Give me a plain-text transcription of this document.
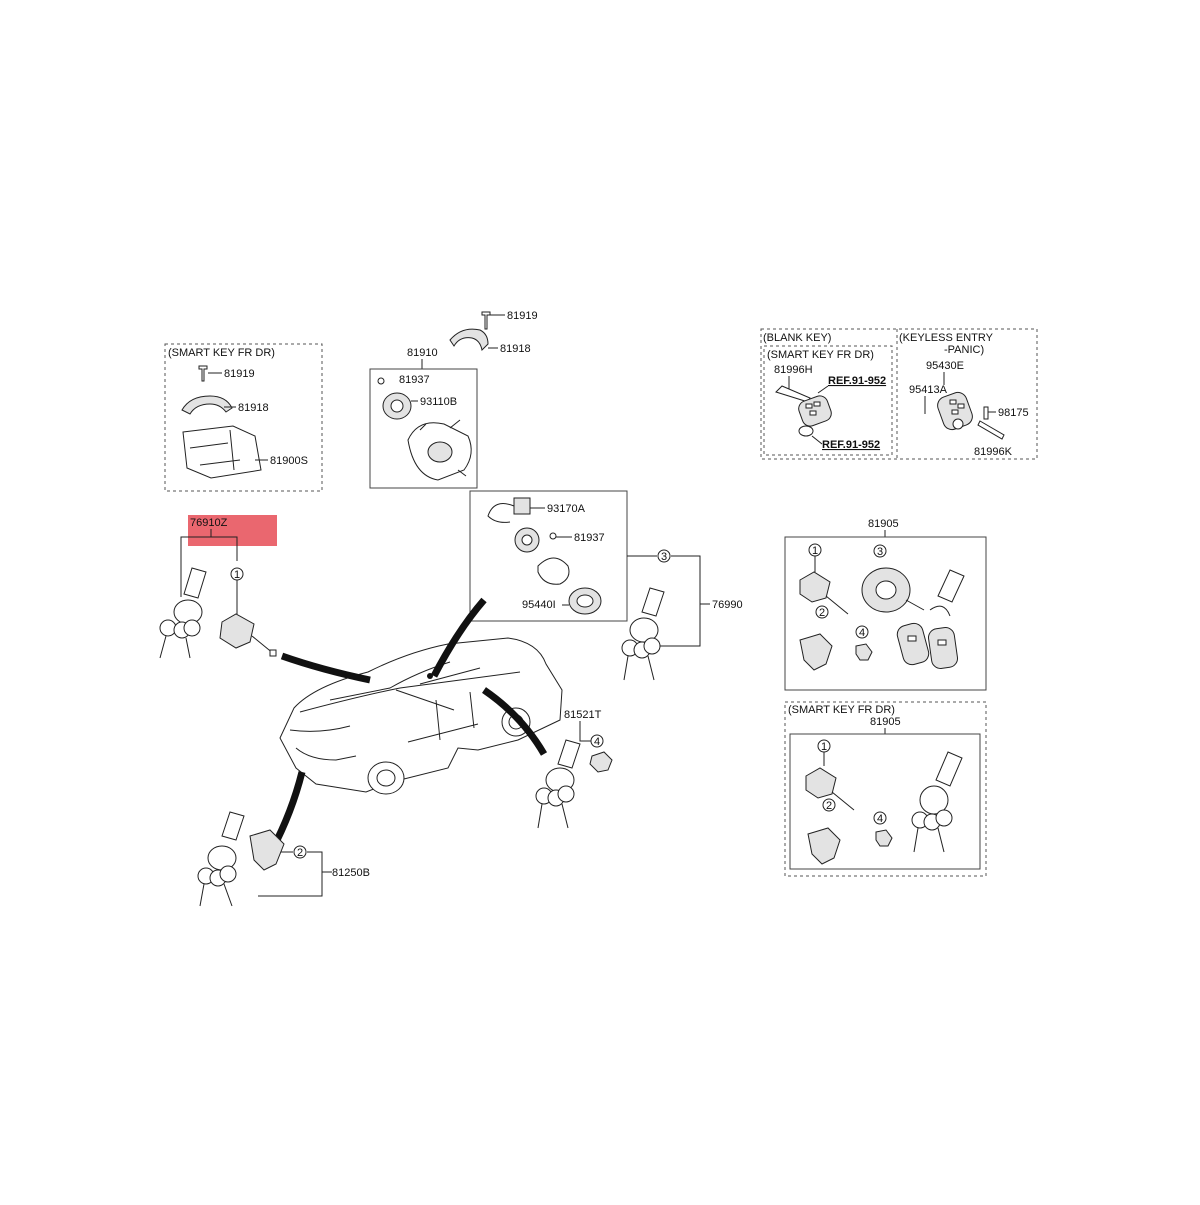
(SMART KEY FR DR)
81919
81918
81900S
81910
81919
81918
81937
93110B
(BLANK KEY)
(SMART KEY FR DR)
81996H
REF.91-952
REF.91-952
(KEYLESS ENTRY
-PANIC)
95430E
95413A
98175
81996K
76910Z
1
93170A
81937
95440I
3
76990
81521T
4
2
81250B
81905
1	3
2
4
(SMART KEY FR DR)
81905
1
2
4
